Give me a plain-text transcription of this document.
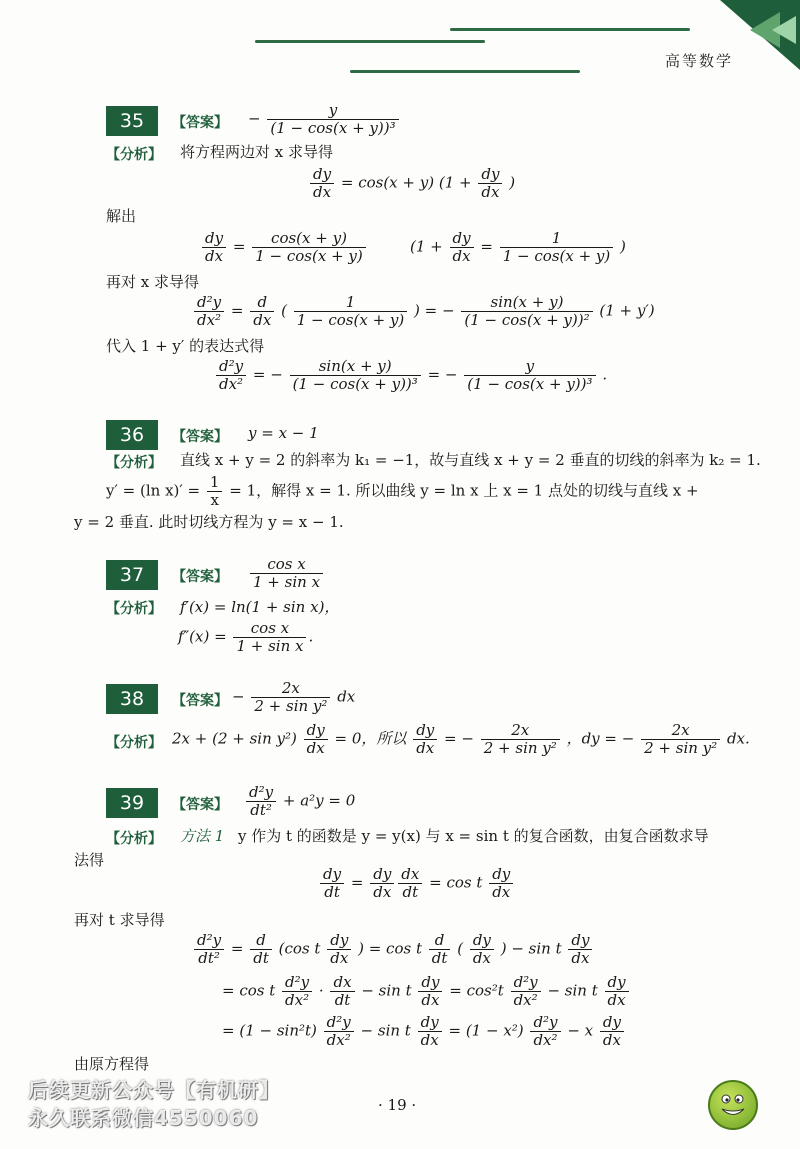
高等数学
35	【答案】 − $\frac{y}{\text{(1 − cos(x + y))³}}$
【分析】 将方程两边对 x 求导得
$\frac{dy}{dx} = \cos(x + y) (1 + \frac{dy}{dx}$ )
解出
$\frac{dy}{dx} = \frac{\cos(x + y)}{1 - \cos(x + y)}$	($1 + \frac{dy}{dx} = \frac{1}{1 - \cos(x + y)}$ )
再对 x 求导得
$\frac{\text{d²y}}{\text{dx²}} = \frac{d}{dx}$ ( $\frac{1}{1 - \cos(x + y)}$ ) = − $\frac{\sin(x + y)}{\text{(1 − cos(x + y))²}} (1 + y')$
代入 1 + y′ 的表达式得
$\frac{\text{d²y}}{\text{dx²}}$ = − $\frac{\sin(x + y)}{\text{(1 − cos(x + y))³}}$ = − $\frac{y}{\text{(1 − cos(x + y))³}}$ .
36	【答案】 y = x − 1
【分析】 直线 x + y = 2 的斜率为 k₁ = −1，故与直线 x + y = 2 垂直的切线的斜率为 k₂ = 1.
y′ = (ln $x)' = \frac{1}{x} = 1$，解得 x = 1. 所以曲线 y = ln x 上 x = 1 点处的切线与直线 x +
y = 2 垂直. 此时切线方程为 y = x − 1.
37	【答案】 $\frac{\text{cos x}}{\text{1 + sin x}}$
【分析】 f′(x) = ln(1 + sin x)，
$f''(x) = \frac{\text{cos x}}{\text{1 + sin x}}$ .
38	【答案】 − $\frac{2x}{\text{2 + sin y²}}$ dx
【分析】 $2x + (2 + \sin y^2) \frac{dy}{dx} = 0$，所以 $\frac{dy}{dx}$ = − $\frac{2x}{\text{2 + sin y²}}$ ，dy = − $\frac{2x}{\text{2 + sin y²}}$ dx.
39	【答案】 $\frac{\text{d²y}}{\text{dt²}} + a^2y = 0$
【分析】 方法 1 y 作为 t 的函数是 y = y(x) 与 x = sin t 的复合函数，由复合函数求导
法得
$\frac{dy}{dt} = \frac{dy}{dx} \frac{dx}{dt} = \cos t \frac{dy}{dx}$
再对 t 求导得
$\frac{\text{d²y}}{\text{dt²}} = \frac{d}{dt} (\cos$ t $\frac{dy}{dx}$ ) = cos t $\frac{d}{dt}$ ( $\frac{dy}{dx}$ ) − sin t $\frac{dy}{dx}$
= cos t $\frac{\text{d²y}}{\text{dx²}} \cdot \frac{dx}{dt} - \sin t \frac{dy}{dx} = \cos^2t \frac{\text{d²y}}{\text{dx²}} - \sin t \frac{dy}{dx}$
= $(1 - \sin^2t) \frac{\text{d²y}}{\text{dx²}} - \sin t \frac{dy}{dx} = (1 - x^2) \frac{\text{d²y}}{\text{dx²}} - x \frac{dy}{dx}$
由原方程得
后续更新公众号【有机研】
永久联系微信4550060
· 19 ·
